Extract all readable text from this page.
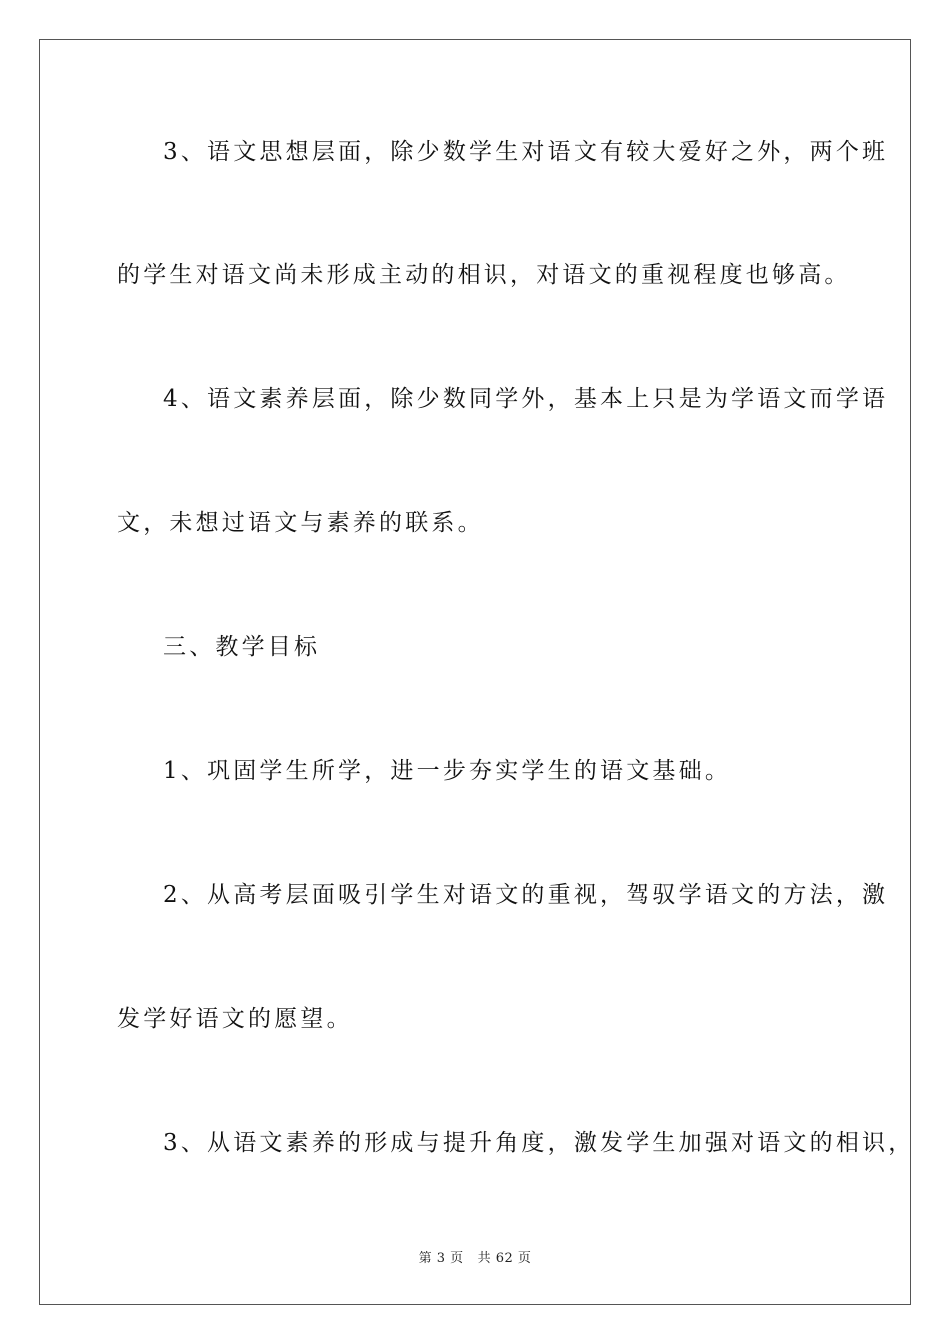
3、语文思想层面，除少数学生对语文有较大爱好之外，两个班
的学生对语文尚未形成主动的相识，对语文的重视程度也够高。
4、语文素养层面，除少数同学外，基本上只是为学语文而学语
文，未想过语文与素养的联系。
三、教学目标
1、巩固学生所学，进一步夯实学生的语文基础。
2、从高考层面吸引学生对语文的重视，驾驭学语文的方法，激
发学好语文的愿望。
3、从语文素养的形成与提升角度，激发学生加强对语文的相识，
第 3 页 共 62 页
